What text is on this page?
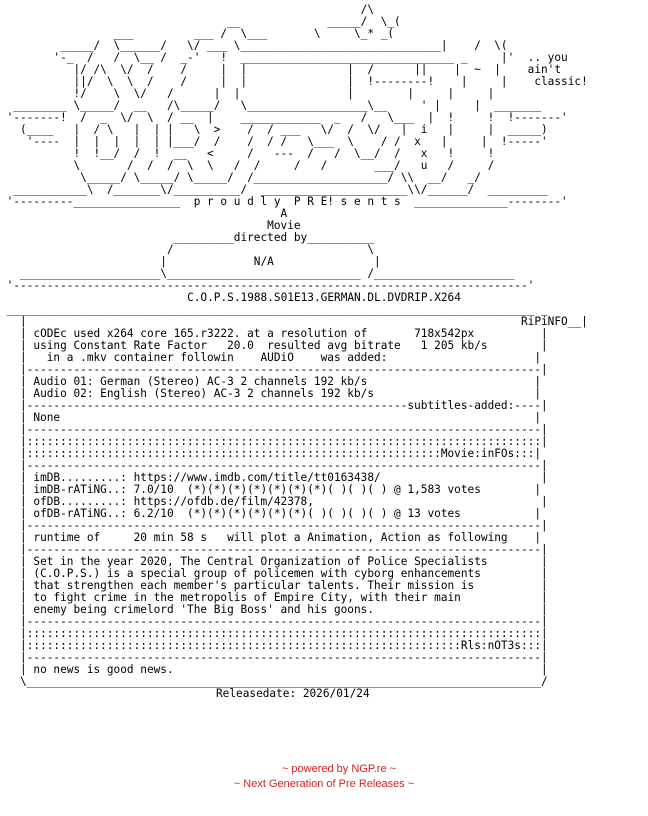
/\
__             _____/  \_(
___         ___ /  \___       \     \_* _(
_____/  \______/   \/ ___ \______________________________|    /  \(
'-_  /   /  \__ /  _-'   !  ________________________________ _     |'  .. you
|/ /\  \/  /    /     |  |               |  /      ||    |  ~  |    ain't
||/  \  \  /    /     |  |               |  !--------!    |     |    classic!
!/    \  \/   /      |  |                |        |     |     |
________ \_____/  __   /\_____/   \__________________\__     ' |     |  _______
'-------!  /  _  \/  \  / __  |    ____________  _   /   \___  |  !     !  !-------'
(____   |  / \   |  | |   \  >    /  / ___   \/  /  \/   |  i   |     |  _____)
'----  |  |  |  |  | |___/  /    /  / /   \___  \    / /  x   |     |  !-----'
!  !__/  /  !  __   <     /   ---  /   /  \__/  /   x   !     !
\       /  /  /  \  \   /  /     /   /       ___/   u   /     /
\_____/ \_____/ \_____/  /____________________/ \\  __/   _/
___________\  /_______\/__________/  ______________________\\/______/  _________
'---------________________  p r o u d l y  P R E! s e n t s  ______________--------'
A
Movie
_________directed by__________
/                             \
|             N/A               |
_____________________\_____________________________ /_____________________
'-----------------------------------------------------------------------------'
C.O.P.S.1988.S01E13.GERMAN.DL.DVDRIP.X264
_______________________________________________________________________________ _
|                                                                          RiPiNFO__|
| cODEc used x264 core 165.r3222. at a resolution of       718x542px          |
| using Constant Rate Factor   20.0  resulted avg bitrate   1 205 kb/s        |
|   in a .mkv container followin    AUDiO    was added:                      |
|-----------------------------------------------------------------------------|
| Audio 01: German (Stereo) AC-3 2 channels 192 kb/s                         |
| Audio 02: English (Stereo) AC-3 2 channels 192 kb/s                        |
|---------------------------------------------------------subtitles-added:----|
| None                                                                       |
|-----------------------------------------------------------------------------|
|:::::::::::::::::::::::::::::::::::::::::::::::::::::::::::::::::::::::::::::|
|::::::::::::::::::::::::::::::::::::::::::::::::::::::::::::::Movie:inFOs:::|
|-----------------------------------------------------------------------------|
| imDB.........: https://www.imdb.com/title/tt0163438/                        |
| imDB-rATiNG..: 7.0/10  (*)(*)(*)(*)(*)(*)(*)( )( )( ) @ 1,583 votes        |
| ofDB.........: https://ofdb.de/film/42378,                                  |
| ofDB-rATiNG..: 6.2/10  (*)(*)(*)(*)(*)(*)( )( )( )( ) @ 13 votes           |
|-----------------------------------------------------------------------------|
| runtime of     20 min 58 s   will plot a Animation, Action as following    |
|-----------------------------------------------------------------------------|
| Set in the year 2020, The Central Organization of Police Specialists        |
| (C.O.P.S.) is a special group of policemen with cyborg enhancements         |
| that strengthen each member's particular talents. Their mission is          |
| to fight crime in the metropolis of Empire City, with their main            |
| enemy being crimelord 'The Big Boss' and his goons.                         |
|-----------------------------------------------------------------------------|
|:::::::::::::::::::::::::::::::::::::::::::::::::::::::::::::::::::::::::::::|
|:::::::::::::::::::::::::::::::::::::::::::::::::::::::::::::::::Rls:nOT3s:::|
|-----------------------------------------------------------------------------|
| no news is good news.                                                       |
\_____________________________________________________________________________/
Releasedate: 2026/01/24
~ powered by NGP.re ~
~ Next Generation of Pre Releases ~
